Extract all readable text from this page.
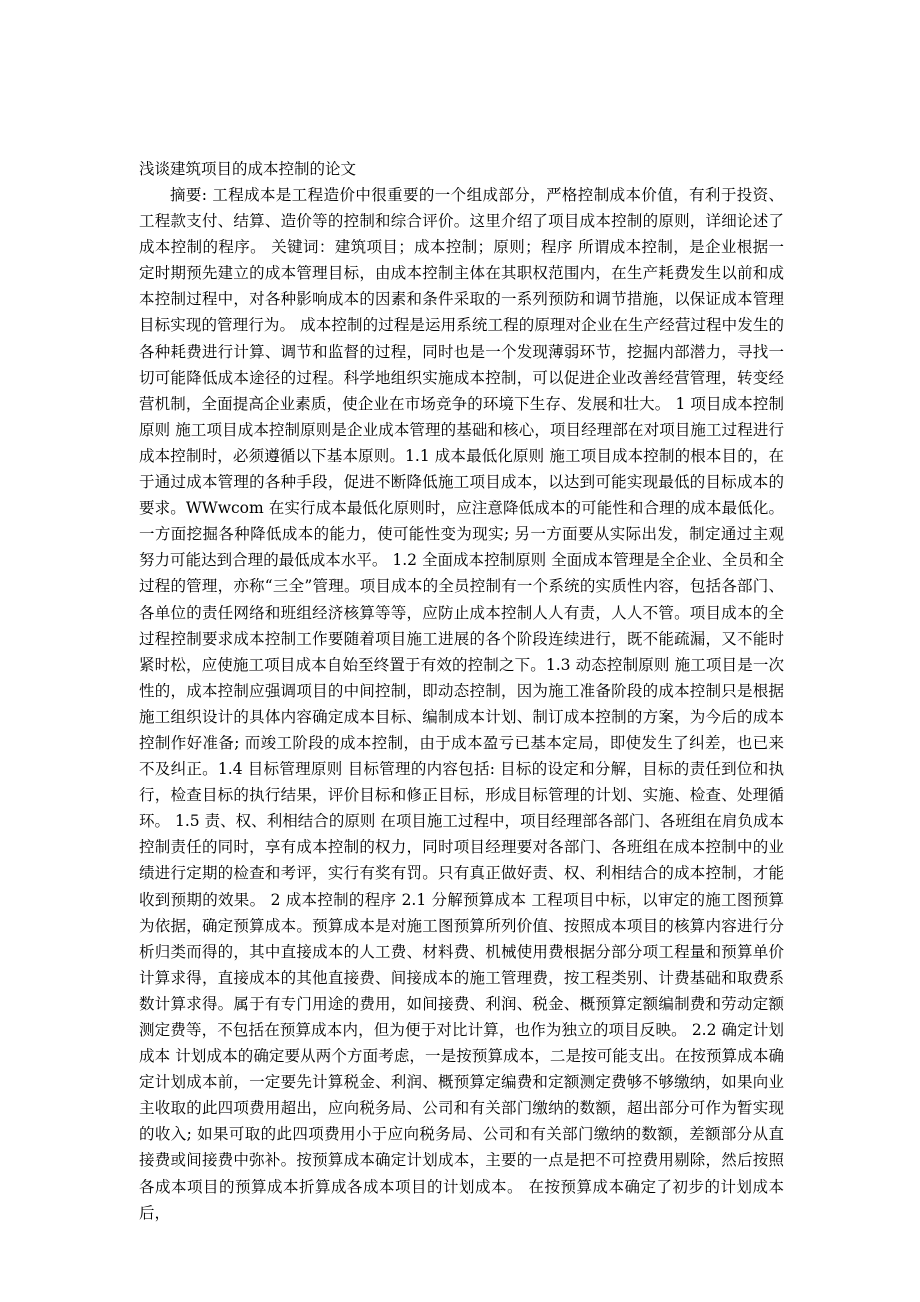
浅谈建筑项目的成本控制的论文

摘要: 工程成本是工程造价中很重要的一个组成部分，严格控制成本价值，有利于投资、工程款支付、结算、造价等的控制和综合评价。这里介绍了项目成本控制的原则，详细论述了成本控制的程序。 关键词：建筑项目；成本控制；原则；程序 所谓成本控制，是企业根据一定时期预先建立的成本管理目标，由成本控制主体在其职权范围内，在生产耗费发生以前和成本控制过程中，对各种影响成本的因素和条件采取的一系列预防和调节措施，以保证成本管理目标实现的管理行为。 成本控制的过程是运用系统工程的原理对企业在生产经营过程中发生的各种耗费进行计算、调节和监督的过程，同时也是一个发现薄弱环节，挖掘内部潜力，寻找一切可能降低成本途径的过程。科学地组织实施成本控制，可以促进企业改善经营管理，转变经营机制，全面提高企业素质，使企业在市场竞争的环境下生存、发展和壮大。 1 项目成本控制原则 施工项目成本控制原则是企业成本管理的基础和核心，项目经理部在对项目施工过程进行成本控制时，必须遵循以下基本原则。1.1 成本最低化原则 施工项目成本控制的根本目的，在于通过成本管理的各种手段，促进不断降低施工项目成本，以达到可能实现最低的目标成本的要求。WWwcom 在实行成本最低化原则时，应注意降低成本的可能性和合理的成本最低化。一方面挖掘各种降低成本的能力，使可能性变为现实; 另一方面要从实际出发，制定通过主观努力可能达到合理的最低成本水平。 1.2 全面成本控制原则 全面成本管理是全企业、全员和全过程的管理，亦称“三全”管理。项目成本的全员控制有一个系统的实质性内容，包括各部门、各单位的责任网络和班组经济核算等等，应防止成本控制人人有责，人人不管。项目成本的全过程控制要求成本控制工作要随着项目施工进展的各个阶段连续进行，既不能疏漏，又不能时紧时松，应使施工项目成本自始至终置于有效的控制之下。1.3 动态控制原则 施工项目是一次性的，成本控制应强调项目的中间控制，即动态控制，因为施工准备阶段的成本控制只是根据施工组织设计的具体内容确定成本目标、编制成本计划、制订成本控制的方案，为今后的成本控制作好准备; 而竣工阶段的成本控制，由于成本盈亏已基本定局，即使发生了纠差，也已来不及纠正。1.4 目标管理原则 目标管理的内容包括: 目标的设定和分解，目标的责任到位和执行，检查目标的执行结果，评价目标和修正目标，形成目标管理的计划、实施、检查、处理循环。 1.5 责、权、利相结合的原则 在项目施工过程中，项目经理部各部门、各班组在肩负成本控制责任的同时，享有成本控制的权力，同时项目经理要对各部门、各班组在成本控制中的业绩进行定期的检查和考评，实行有奖有罚。只有真正做好责、权、利相结合的成本控制，才能收到预期的效果。 2 成本控制的程序 2.1 分解预算成本 工程项目中标，以审定的施工图预算为依据，确定预算成本。预算成本是对施工图预算所列价值、按照成本项目的核算内容进行分析归类而得的，其中直接成本的人工费、材料费、机械使用费根据分部分项工程量和预算单价计算求得，直接成本的其他直接费、间接成本的施工管理费，按工程类别、计费基础和取费系数计算求得。属于有专门用途的费用，如间接费、利润、税金、概预算定额编制费和劳动定额测定费等，不包括在预算成本内，但为便于对比计算，也作为独立的项目反映。 2.2 确定计划成本 计划成本的确定要从两个方面考虑，一是按预算成本，二是按可能支出。在按预算成本确定计划成本前，一定要先计算税金、利润、概预算定编费和定额测定费够不够缴纳，如果向业主收取的此四项费用超出，应向税务局、公司和有关部门缴纳的数额，超出部分可作为暂实现的收入; 如果可取的此四项费用小于应向税务局、公司和有关部门缴纳的数额，差额部分从直接费或间接费中弥补。按预算成本确定计划成本，主要的一点是把不可控费用剔除，然后按照各成本项目的预算成本折算成各成本项目的计划成本。 在按预算成本确定了初步的计划成本后，
